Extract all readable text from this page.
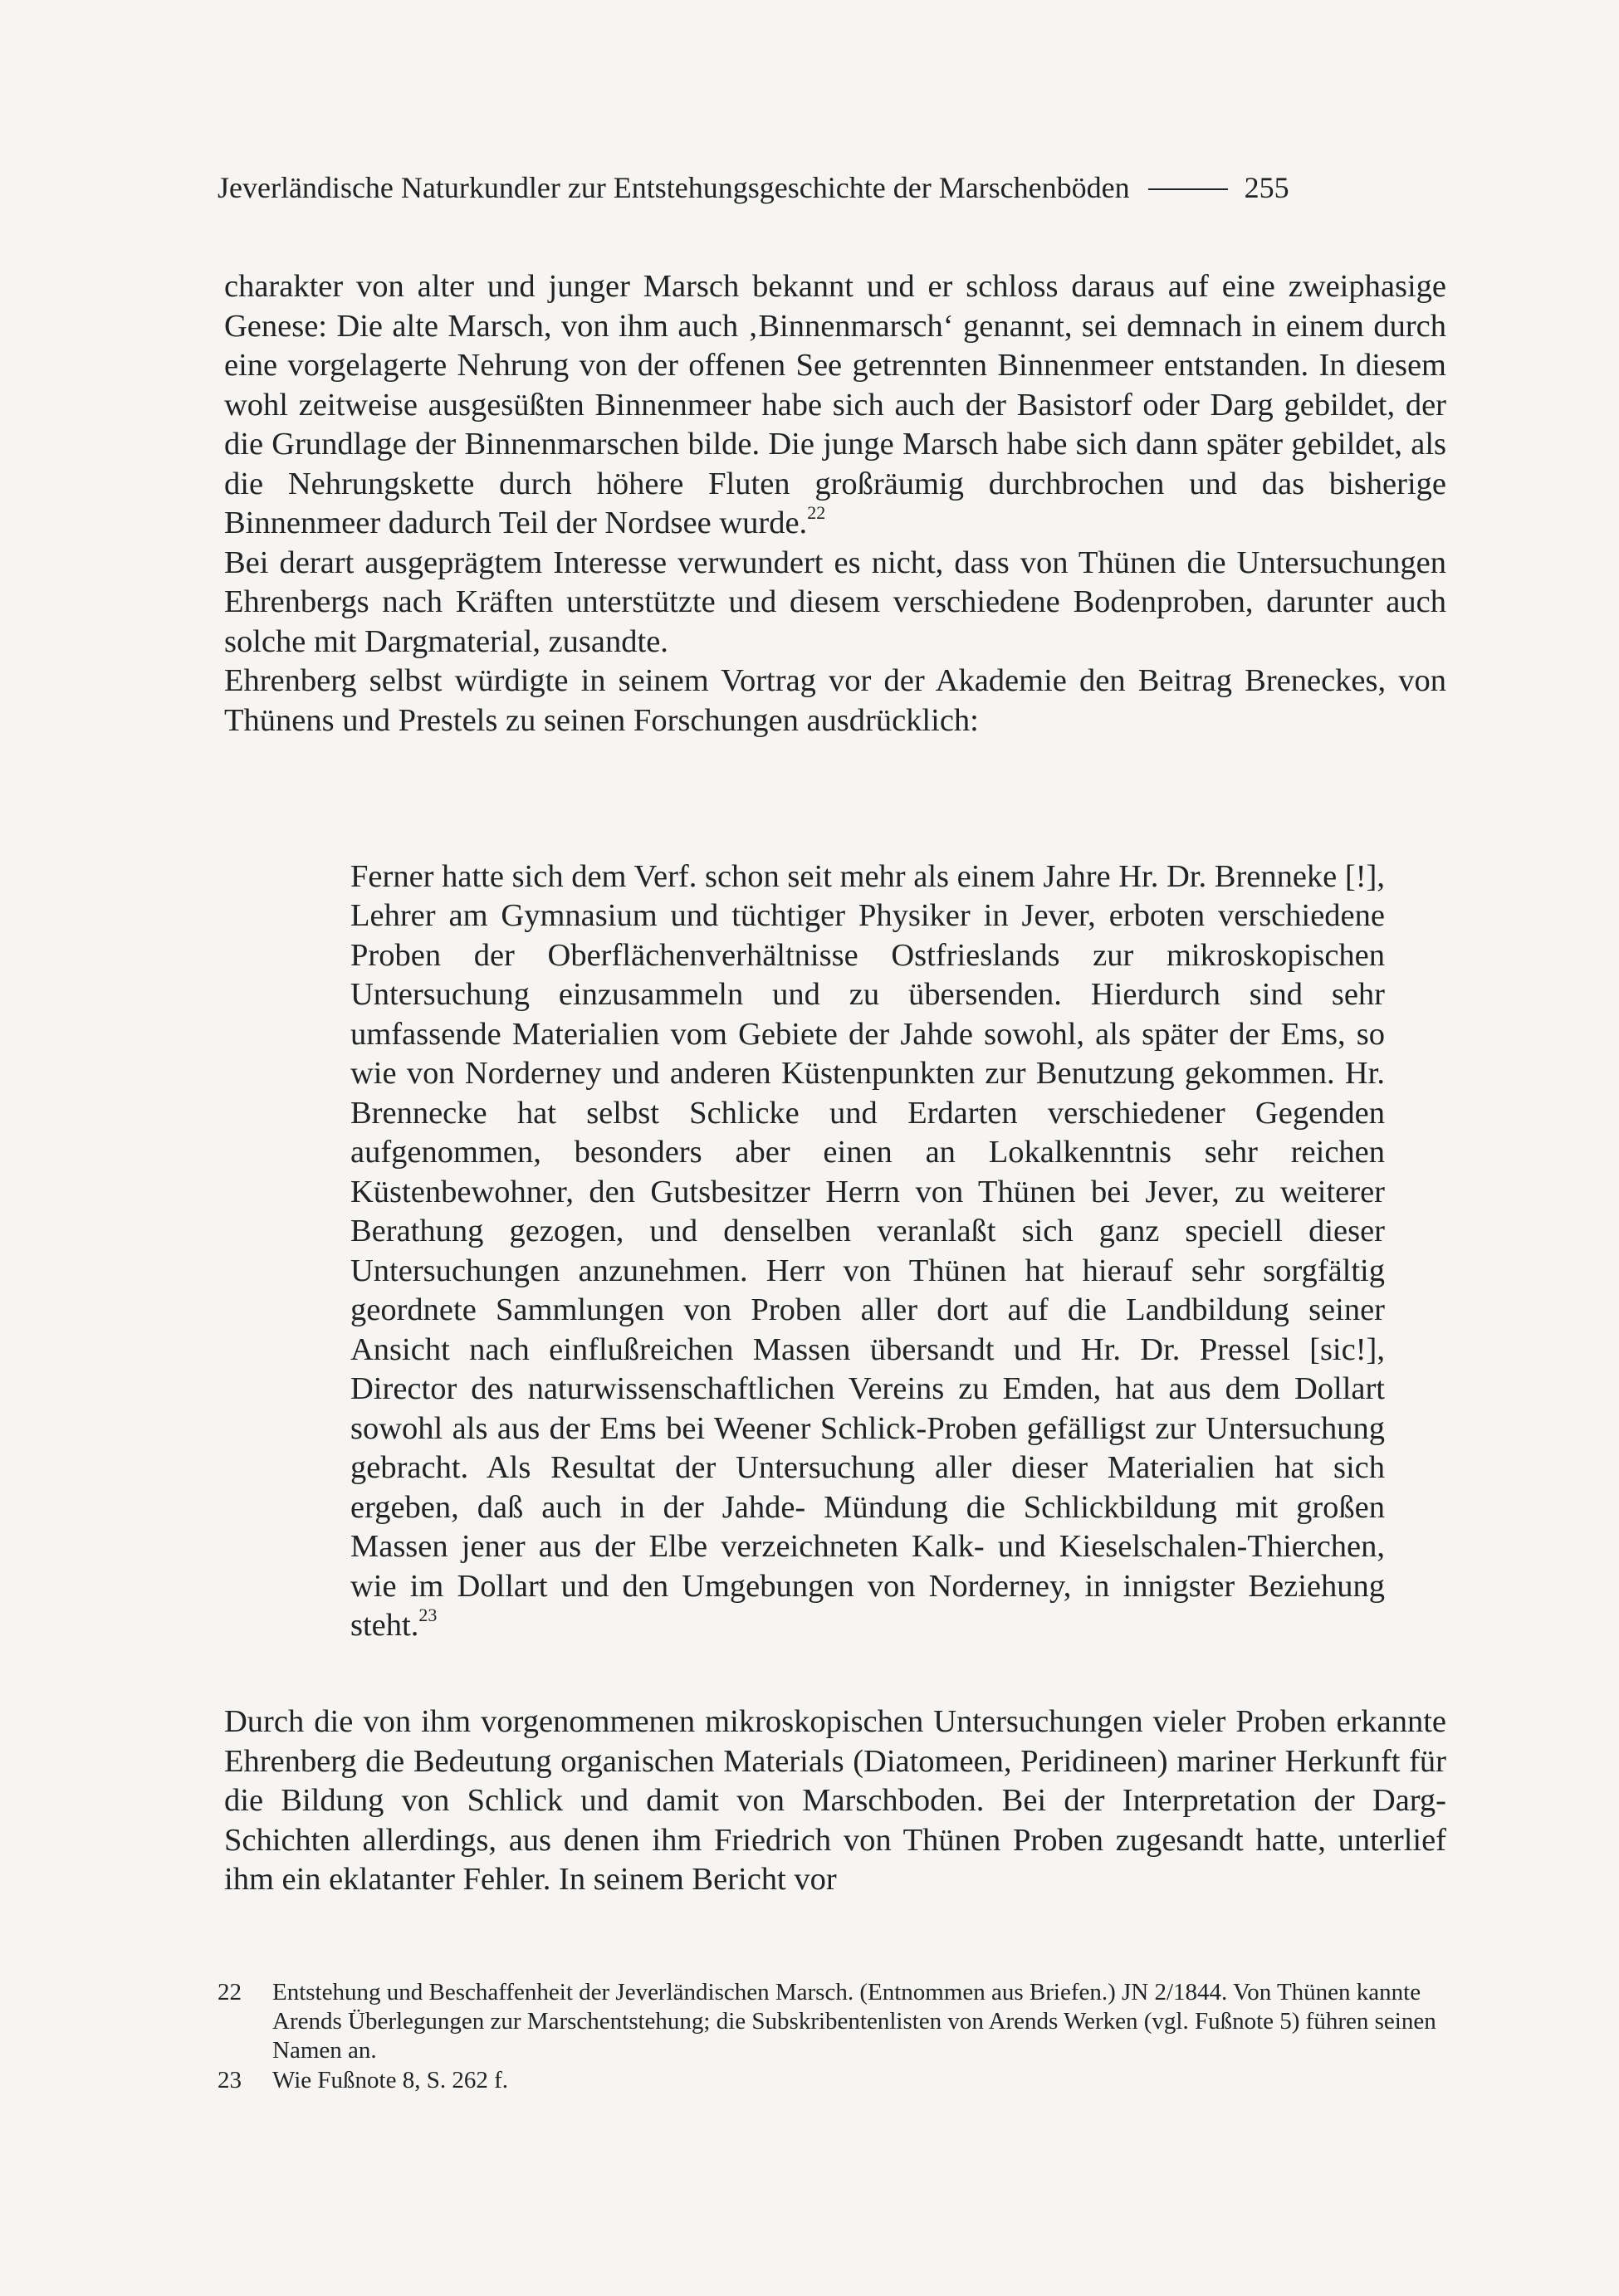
Jeverländische Naturkundler zur Entstehungsgeschichte der Marschenböden	255

charakter von alter und junger Marsch bekannt und er schloss daraus auf eine zweiphasige Genese: Die alte Marsch, von ihm auch ‚Binnenmarsch‘ genannt, sei demnach in einem durch eine vorgelagerte Nehrung von der offenen See getrennten Binnenmeer entstanden. In diesem wohl zeitweise ausgesüßten Binnenmeer habe sich auch der Basistorf oder Darg gebildet, der die Grundlage der Binnenmarschen bilde. Die junge Marsch habe sich dann später gebildet, als die Nehrungskette durch höhere Fluten großräumig durchbrochen und das bisherige Binnenmeer dadurch Teil der Nordsee wurde.$^{22}$

Bei derart ausgeprägtem Interesse verwundert es nicht, dass von Thünen die Untersuchungen Ehrenbergs nach Kräften unterstützte und diesem verschiedene Bodenproben, darunter auch solche mit Dargmaterial, zusandte.

Ehrenberg selbst würdigte in seinem Vortrag vor der Akademie den Beitrag Breneckes, von Thünens und Prestels zu seinen Forschungen ausdrücklich:

Ferner hatte sich dem Verf. schon seit mehr als einem Jahre Hr. Dr. Brenneke [!], Lehrer am Gymnasium und tüchtiger Physiker in Jever, erboten verschiedene Proben der Oberflächenverhältnisse Ostfrieslands zur mikroskopischen Untersuchung einzusammeln und zu übersenden. Hierdurch sind sehr umfassende Materialien vom Gebiete der Jahde sowohl, als später der Ems, so wie von Norderney und anderen Küstenpunkten zur Benutzung gekommen. Hr. Brennecke hat selbst Schlicke und Erdarten verschiedener Gegenden aufgenommen, besonders aber einen an Lokalkenntnis sehr reichen Küstenbewohner, den Gutsbesitzer Herrn von Thünen bei Jever, zu weiterer Berathung gezogen, und denselben veranlaßt sich ganz speciell dieser Untersuchungen anzunehmen. Herr von Thünen hat hierauf sehr sorgfältig geordnete Sammlungen von Proben aller dort auf die Landbildung seiner Ansicht nach einflußreichen Massen übersandt und Hr. Dr. Pressel [sic!], Director des naturwissenschaftlichen Vereins zu Emden, hat aus dem Dollart sowohl als aus der Ems bei Weener Schlick-Proben gefälligst zur Untersuchung gebracht. Als Resultat der Untersuchung aller dieser Materialien hat sich ergeben, daß auch in der Jahde- Mündung die Schlickbildung mit großen Massen jener aus der Elbe verzeichneten Kalk- und Kieselschalen-Thierchen, wie im Dollart und den Umgebungen von Norderney, in innigster Beziehung steht.$^{23}$

Durch die von ihm vorgenommenen mikroskopischen Untersuchungen vieler Proben erkannte Ehrenberg die Bedeutung organischen Materials (Diatomeen, Peridineen) mariner Herkunft für die Bildung von Schlick und damit von Marschboden. Bei der Interpretation der Darg-Schichten allerdings, aus denen ihm Friedrich von Thünen Proben zugesandt hatte, unterlief ihm ein eklatanter Fehler. In seinem Bericht vor

22	Entstehung und Beschaffenheit der Jeverländischen Marsch. (Entnommen aus Briefen.) JN 2/1844. Von Thünen kannte Arends Überlegungen zur Marschentstehung; die Subskribentenlisten von Arends Werken (vgl. Fußnote 5) führen seinen Namen an.
23	Wie Fußnote 8, S. 262 f.
